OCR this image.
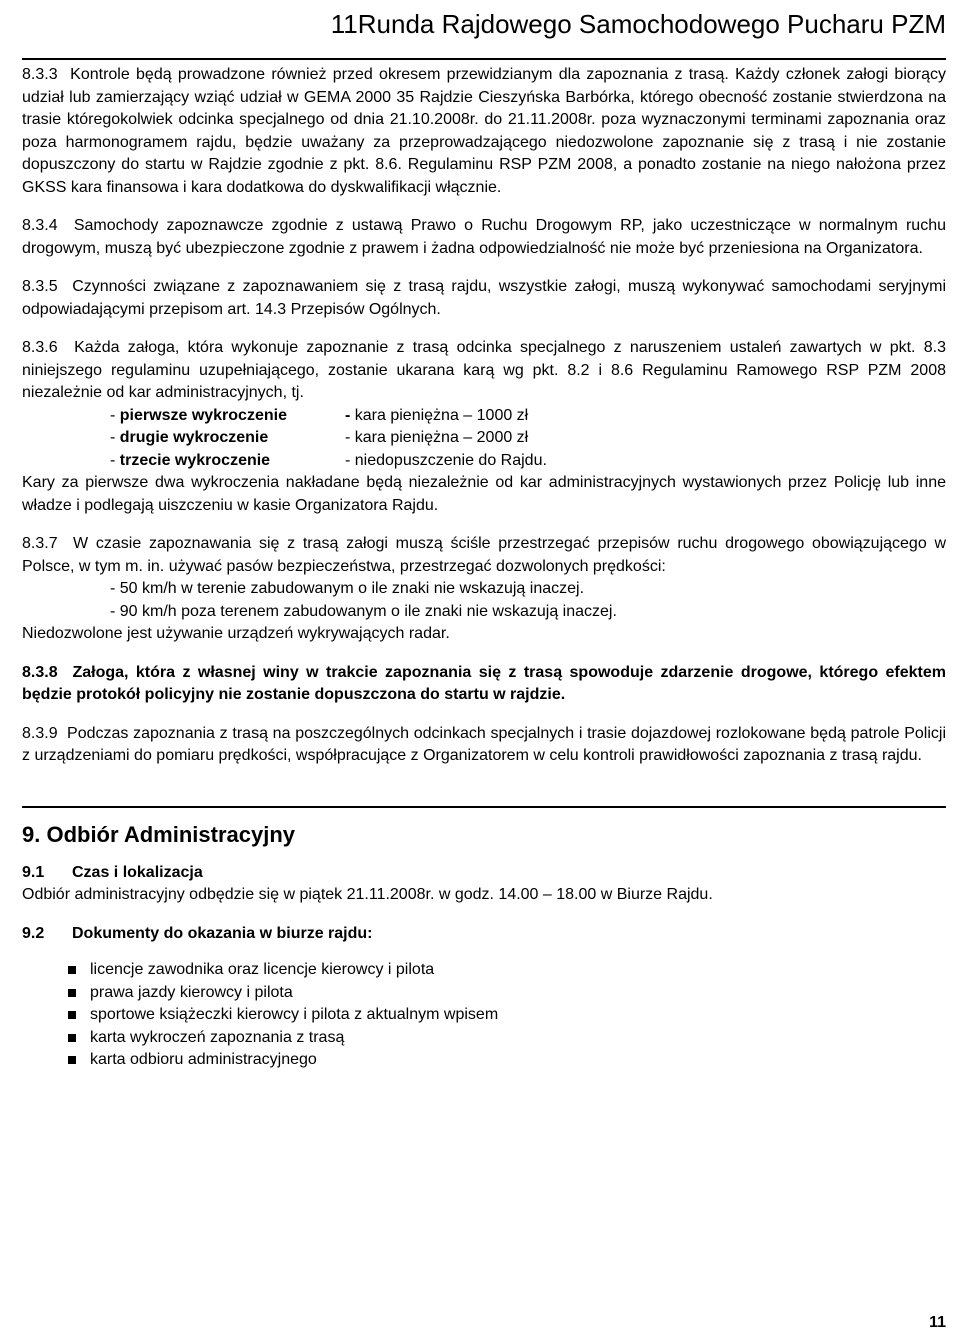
11Runda Rajdowego Samochodowego Pucharu PZM

8.3.3 Kontrole będą prowadzone również przed okresem przewidzianym dla zapoznania z trasą. Każdy członek załogi biorący udział lub zamierzający wziąć udział w GEMA 2000 35 Rajdzie Cieszyńska Barbórka, którego obecność zostanie stwierdzona na trasie któregokolwiek odcinka specjalnego od dnia 21.10.2008r. do 21.11.2008r. poza wyznaczonymi terminami zapoznania oraz poza harmonogramem rajdu, będzie uważany za przeprowadzającego niedozwolone zapoznanie się z trasą i nie zostanie dopuszczony do startu w Rajdzie zgodnie z pkt. 8.6. Regulaminu RSP PZM 2008, a ponadto zostanie na niego nałożona przez GKSS kara finansowa i kara dodatkowa do dyskwalifikacji włącznie.

8.3.4 Samochody zapoznawcze zgodnie z ustawą Prawo o Ruchu Drogowym RP, jako uczestniczące w normalnym ruchu drogowym, muszą być ubezpieczone zgodnie z prawem i żadna odpowiedzialność nie może być przeniesiona na Organizatora.

8.3.5 Czynności związane z zapoznawaniem się z trasą rajdu, wszystkie załogi, muszą wykonywać samochodami seryjnymi odpowiadającymi przepisom art. 14.3 Przepisów Ogólnych.

8.3.6 Każda załoga, która wykonuje zapoznanie z trasą odcinka specjalnego z naruszeniem ustaleń zawartych w pkt. 8.3 niniejszego regulaminu uzupełniającego, zostanie ukarana karą wg pkt. 8.2 i 8.6 Regulaminu Ramowego RSP PZM 2008 niezależnie od kar administracyjnych, tj.

- pierwsze wykroczenie	- kara pieniężna – 1000 zł
- drugie wykroczenie	- kara pieniężna – 2000 zł
- trzecie wykroczenie	- niedopuszczenie do Rajdu.

Kary za pierwsze dwa wykroczenia nakładane będą niezależnie od kar administracyjnych wystawionych przez Policję lub inne władze i podlegają uiszczeniu w kasie Organizatora Rajdu.

8.3.7 W czasie zapoznawania się z trasą załogi muszą ściśle przestrzegać przepisów ruchu drogowego obowiązującego w Polsce, w tym m. in. używać pasów bezpieczeństwa, przestrzegać dozwolonych prędkości:

- 50 km/h w terenie zabudowanym o ile znaki nie wskazują inaczej.

- 90 km/h poza terenem zabudowanym o ile znaki nie wskazują inaczej.

Niedozwolone jest używanie urządzeń wykrywających radar.

8.3.8 Załoga, która z własnej winy w trakcie zapoznania się z trasą spowoduje zdarzenie drogowe, którego efektem będzie protokół policyjny nie zostanie dopuszczona do startu w rajdzie.

8.3.9 Podczas zapoznania z trasą na poszczególnych odcinkach specjalnych i trasie dojazdowej rozlokowane będą patrole Policji z urządzeniami do pomiaru prędkości, współpracujące z Organizatorem w celu kontroli prawidłowości zapoznania z trasą rajdu.

9. Odbiór Administracyjny

9.1 Czas i lokalizacja

Odbiór administracyjny odbędzie się w piątek 21.11.2008r. w godz. 14.00 – 18.00 w Biurze Rajdu.

9.2 Dokumenty do okazania w biurze rajdu:

licencje zawodnika oraz licencje kierowcy i pilota
prawa jazdy kierowcy i pilota
sportowe książeczki kierowcy i pilota z aktualnym wpisem
karta wykroczeń zapoznania z trasą
karta odbioru administracyjnego
11
